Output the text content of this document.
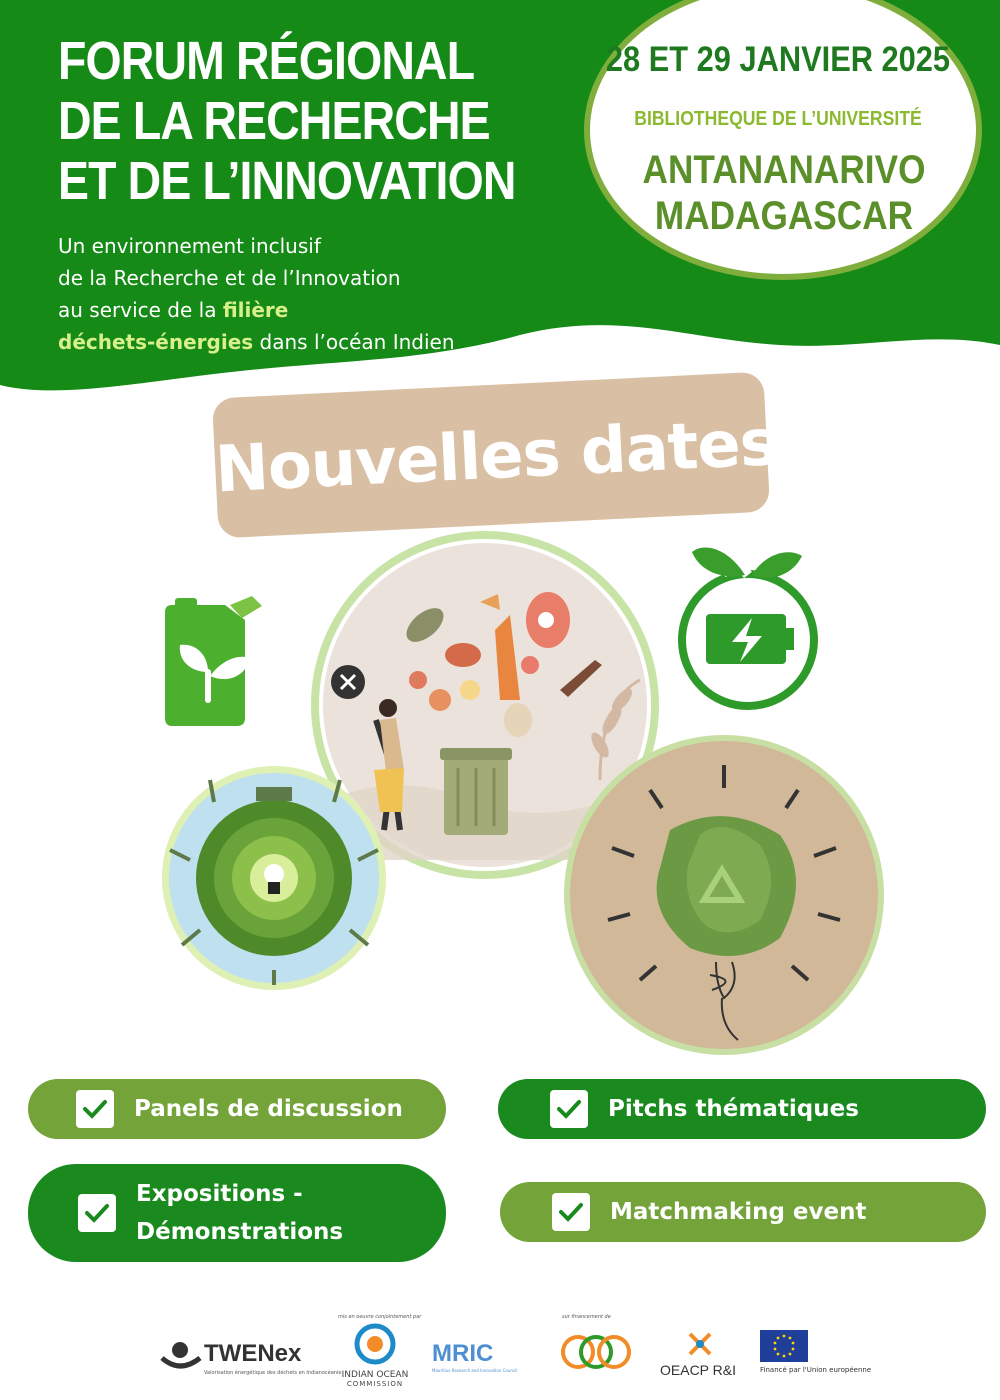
FORUM RÉGIONAL
DE LA RECHERCHE
ET DE L’INNOVATION
Un environnement inclusif
de la Recherche et de l’Innovation
au service de la filière
déchets-énergies dans l’océan Indien
28 ET 29 JANVIER 2025
BIBLIOTHEQUE DE L’UNIVERSITÉ
ANTANANARIVO
MADAGASCAR
Nouvelles dates
Panels de discussion	Pitchs thématiques
Expositions -
Démonstrations
Matchmaking event
TWENex
Valorisation énergétique des déchets en Indianocéanie
mis en oeuvre conjointement par
INDIAN OCEAN
COMMISSION
MRIC
Mauritius Research and Innovation Council
sur financement de
OEACP R&I	Financé par l'Union européenne
